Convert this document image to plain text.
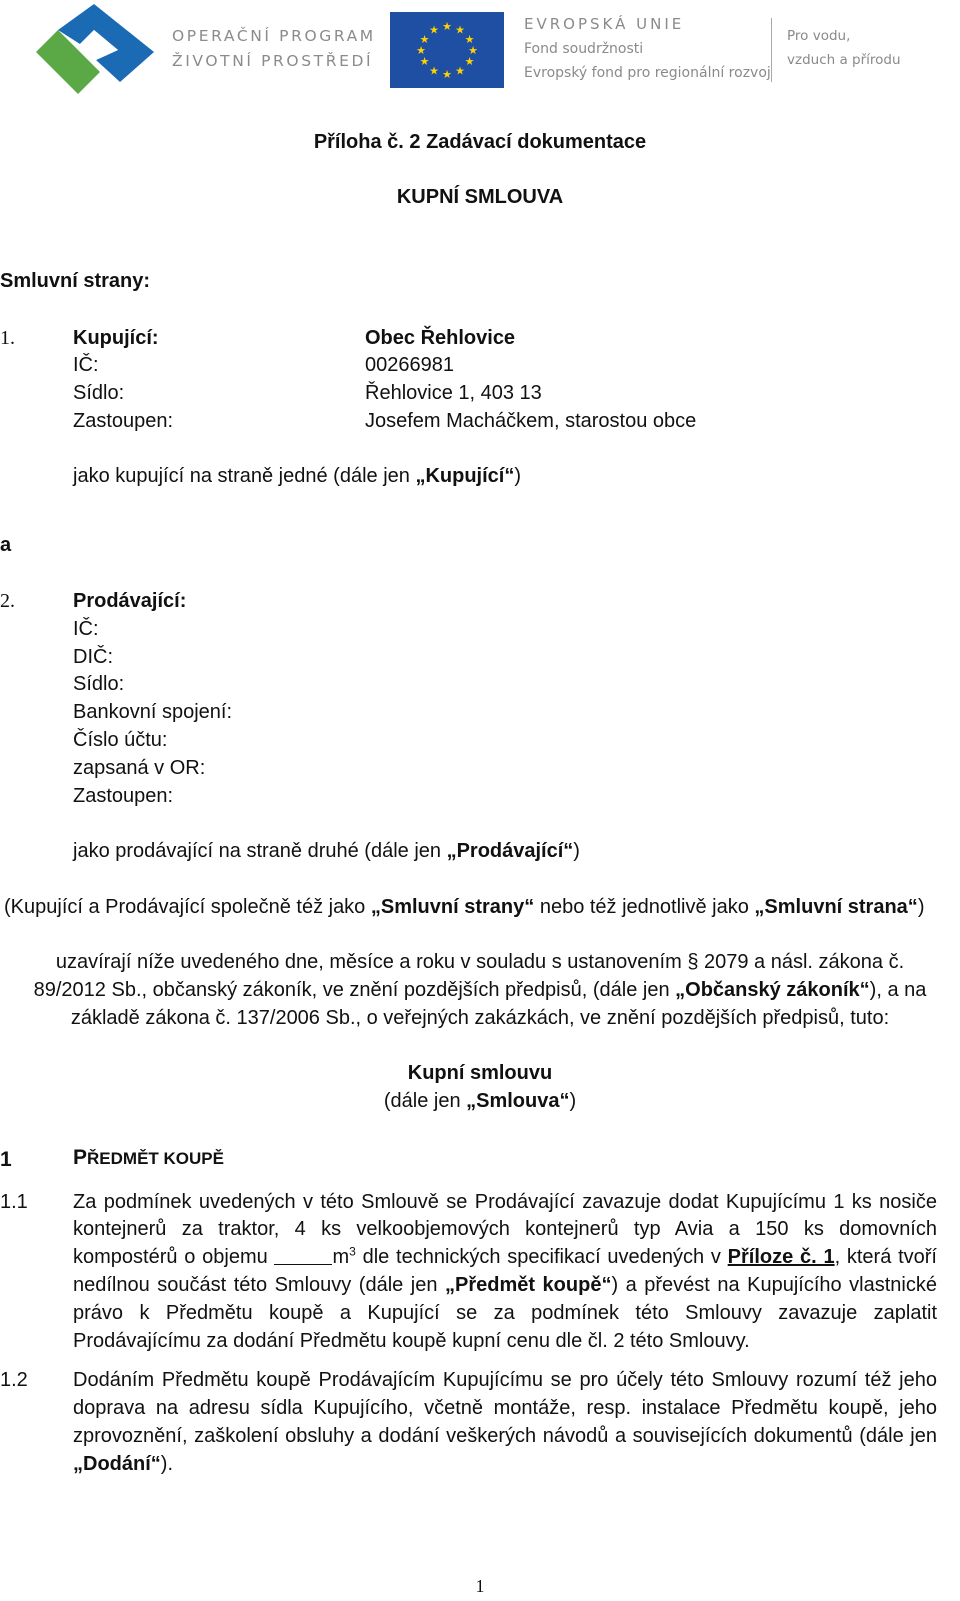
OPERAČNÍ PROGRAM
ŽIVOTNÍ PROSTŘEDÍ
★ ★
★
★
★
★
★
★
★
★
★
★	EVROPSKÁ UNIE
Fond soudržnosti
Evropský fond pro regionální rozvoj
Pro vodu,
vzduch a přírodu
Příloha č. 2 Zadávací dokumentace
KUPNÍ SMLOUVA
Smluvní strany:
1.	Kupující:	Obec Řehlovice
IČ:	00266981
Sídlo:	Řehlovice 1, 403 13
Zastoupen:	Josefem Macháčkem, starostou obce
jako kupující na straně jedné (dále jen „Kupující“)
a
2.	Prodávající:
IČ:
DIČ:
Sídlo:
Bankovní spojení:
Číslo účtu:
zapsaná v OR:
Zastoupen:
jako prodávající na straně druhé (dále jen „Prodávající“)
(Kupující a Prodávající společně též jako „Smluvní strany“ nebo též jednotlivě jako „Smluvní strana“)
uzavírají níže uvedeného dne, měsíce a roku v souladu s ustanovením § 2079 a násl. zákona č.
89/2012 Sb., občanský zákoník, ve znění pozdějších předpisů, (dále jen „Občanský zákoník“), a na
základě zákona č. 137/2006 Sb., o veřejných zakázkách, ve znění pozdějších předpisů, tuto:
Kupní smlouvu
(dále jen „Smlouva“)
1	PŘEDMĚT KOUPĚ
1.1 Za podmínek uvedených v této Smlouvě se Prodávající zavazuje dodat Kupujícímu 1 ks nosiče
kontejnerů za traktor, 4 ks velkoobjemových kontejnerů typ Avia a 150 ks domovních
kompostérů o objemu	$m^3$ dle technických specifikací uvedených v Příloze č. 1, která tvoří
nedílnou součást této Smlouvy (dále jen „Předmět koupě“) a převést na Kupujícího vlastnické
právo k Předmětu koupě a Kupující se za podmínek této Smlouvy zavazuje zaplatit
Prodávajícímu za dodání Předmětu koupě kupní cenu dle čl. 2 této Smlouvy.
1.2 Dodáním Předmětu koupě Prodávajícím Kupujícímu se pro účely této Smlouvy rozumí též jeho
doprava na adresu sídla Kupujícího, včetně montáže, resp. instalace Předmětu koupě, jeho
zprovoznění, zaškolení obsluhy a dodání veškerých návodů a souvisejících dokumentů (dále jen
„Dodání“).
1
